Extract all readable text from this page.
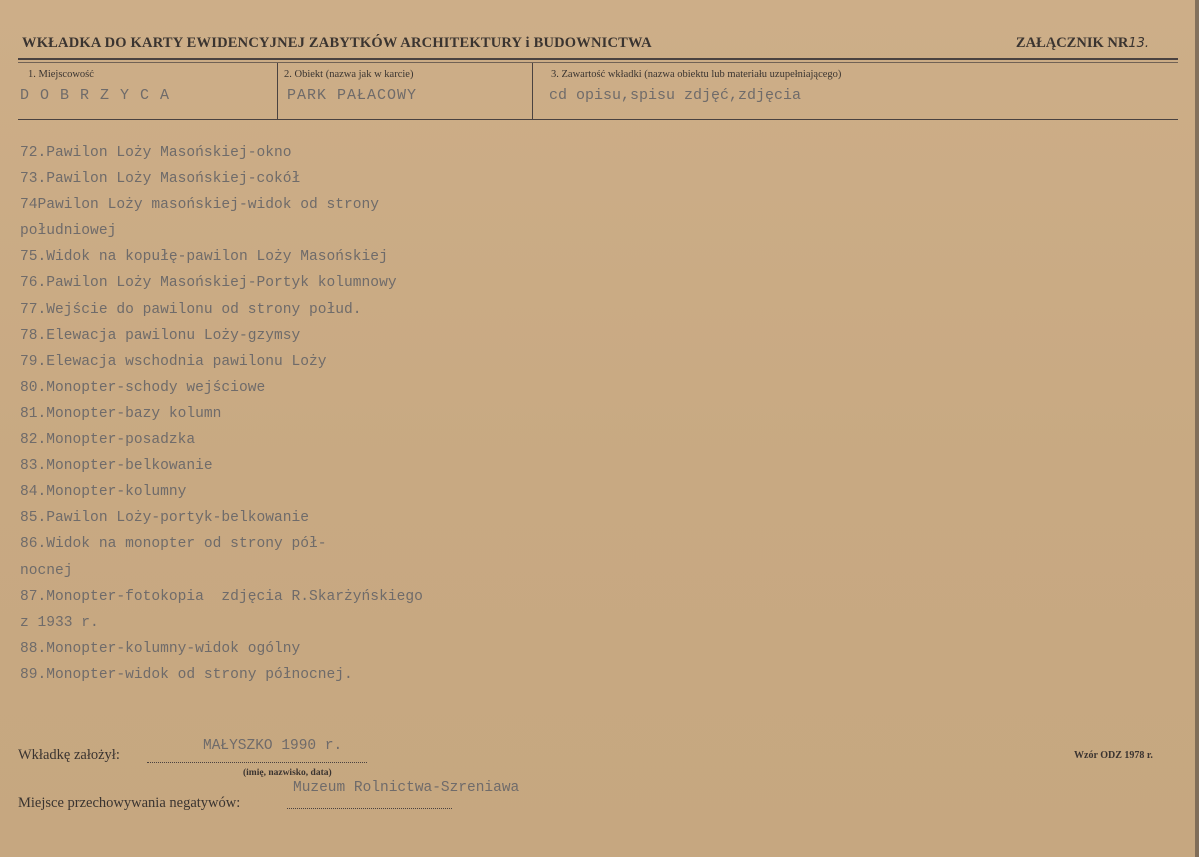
WKŁADKA DO KARTY EWIDENCYJNEJ ZABYTKÓW ARCHITEKTURY i BUDOWNICTWA	ZAŁĄCZNIK NR13.
1. Miejscowość
DOBRZYCA
2. Obiekt (nazwa jak w karcie)
PARK PAŁACOWY
3. Zawartość wkładki (nazwa obiektu lub materiału uzupełniającego)
cd opisu,spisu zdjęć,zdjęcia
72.Pawilon Loży Masońskiej-okno
73.Pawilon Loży Masońskiej-cokół
74Pawilon Loży masońskiej-widok od strony
południowej
75.Widok na kopułę-pawilon Loży Masońskiej
76.Pawilon Loży Masońskiej-Portyk kolumnowy
77.Wejście do pawilonu od strony połud.
78.Elewacja pawilonu Loży-gzymsy
79.Elewacja wschodnia pawilonu Loży
80.Monopter-schody wejściowe
81.Monopter-bazy kolumn
82.Monopter-posadzka
83.Monopter-belkowanie
84.Monopter-kolumny
85.Pawilon Loży-portyk-belkowanie
86.Widok na monopter od strony pół-
nocnej
87.Monopter-fotokopia  zdjęcia R.Skarżyńskiego
z 1933 r.
88.Monopter-kolumny-widok ogólny
89.Monopter-widok od strony północnej.
Wkładkę założył:
MAŁYSZKO 1990 r.
(imię, nazwisko, data)
Miejsce przechowywania negatywów:
Muzeum Rolnictwa-Szreniawa
Wzór ODZ 1978 r.
